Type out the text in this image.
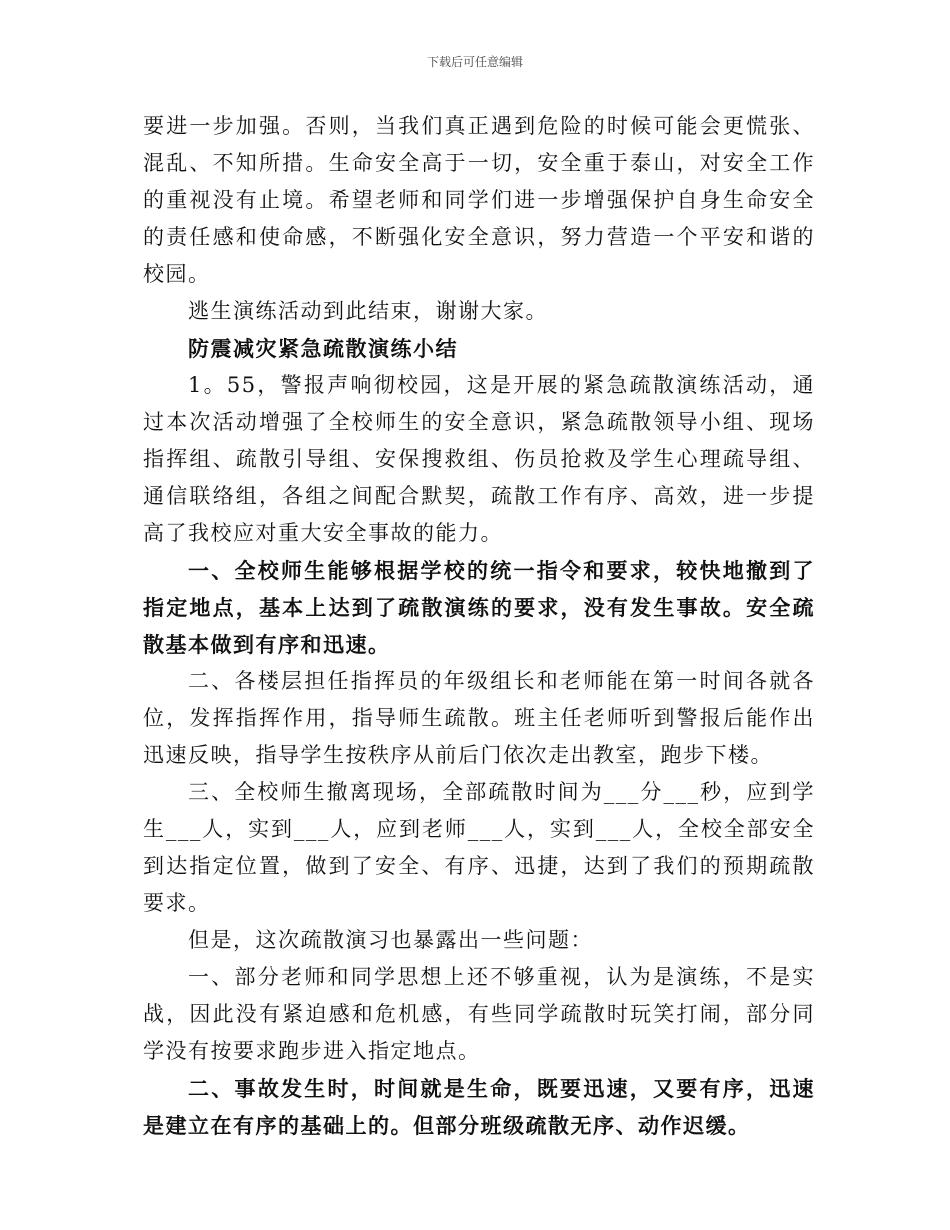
下载后可任意编辑

要进一步加强。否则，当我们真正遇到危险的时候可能会更慌张、混乱、不知所措。生命安全高于一切，安全重于泰山，对安全工作的重视没有止境。希望老师和同学们进一步增强保护自身生命安全的责任感和使命感，不断强化安全意识，努力营造一个平安和谐的校园。

逃生演练活动到此结束，谢谢大家。

防震减灾紧急疏散演练小结

1。55，警报声响彻校园，这是开展的紧急疏散演练活动，通过本次活动增强了全校师生的安全意识，紧急疏散领导小组、现场指挥组、疏散引导组、安保搜救组、伤员抢救及学生心理疏导组、通信联络组，各组之间配合默契，疏散工作有序、高效，进一步提高了我校应对重大安全事故的能力。

一、全校师生能够根据学校的统一指令和要求，较快地撤到了指定地点，基本上达到了疏散演练的要求，没有发生事故。安全疏散基本做到有序和迅速。

二、各楼层担任指挥员的年级组长和老师能在第一时间各就各位，发挥指挥作用，指导师生疏散。班主任老师听到警报后能作出迅速反映，指导学生按秩序从前后门依次走出教室，跑步下楼。

三、全校师生撤离现场，全部疏散时间为___分___秒，应到学生___人，实到___人，应到老师___人，实到___人，全校全部安全到达指定位置，做到了安全、有序、迅捷，达到了我们的预期疏散要求。

但是，这次疏散演习也暴露出一些问题：

一、部分老师和同学思想上还不够重视，认为是演练，不是实战，因此没有紧迫感和危机感，有些同学疏散时玩笑打闹，部分同学没有按要求跑步进入指定地点。

二、事故发生时，时间就是生命，既要迅速，又要有序，迅速是建立在有序的基础上的。但部分班级疏散无序、动作迟缓。
